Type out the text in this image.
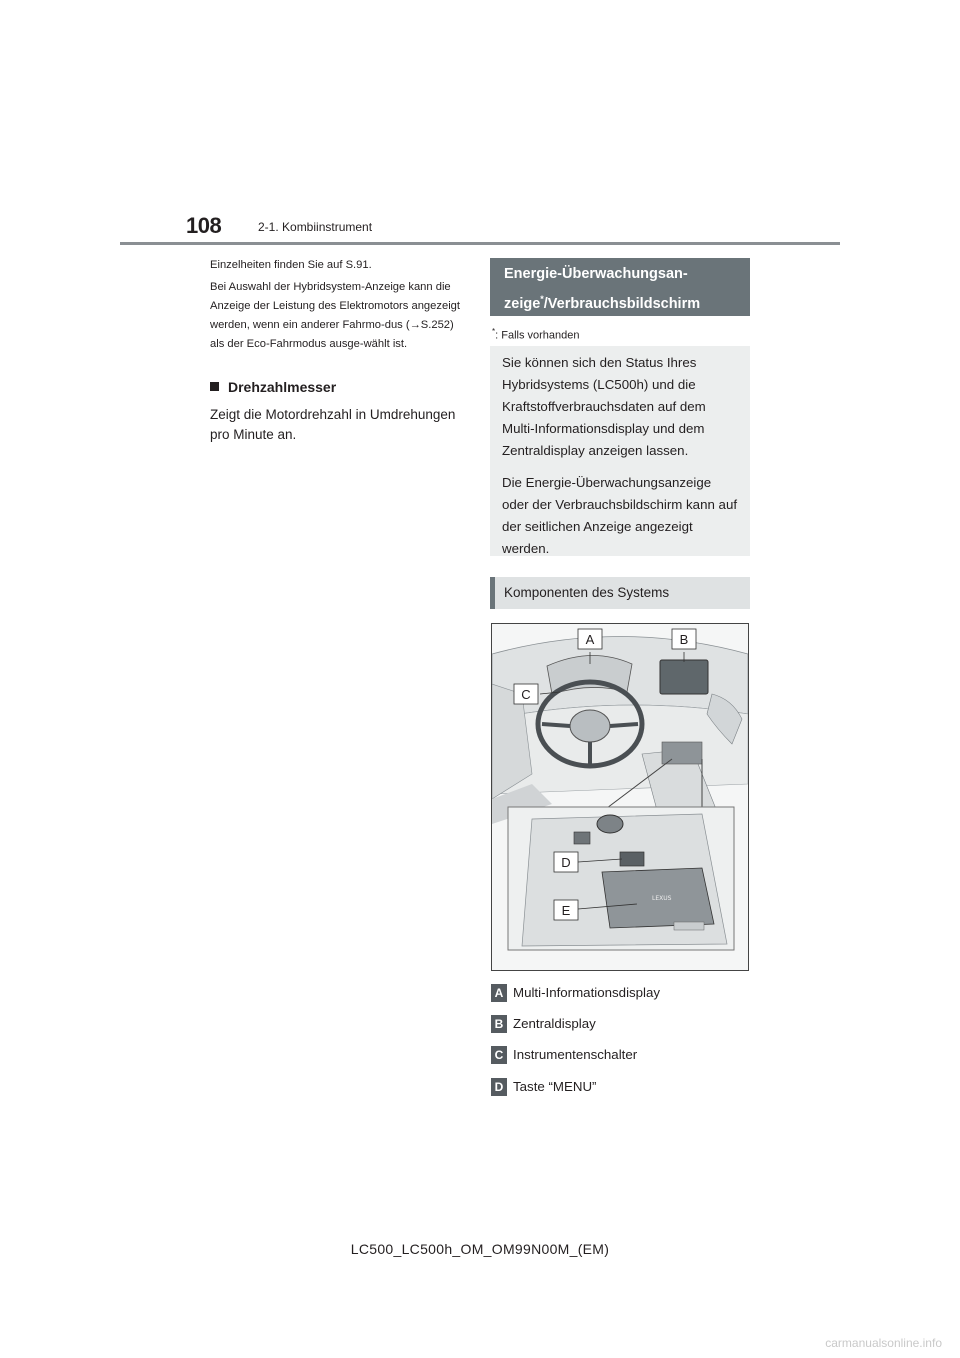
108	2-1. Kombiinstrument
Einzelheiten finden Sie auf S.91.
Bei Auswahl der Hybridsystem-Anzeige kann die Anzeige der Leistung des Elektromotors angezeigt werden, wenn ein anderer Fahrmo-dus (→S.252) als der Eco-Fahrmodus ausge-wählt ist.
Drehzahlmesser
Zeigt die Motordrehzahl in Umdrehungen pro Minute an.
Energie-Überwachungsan-zeige*/Verbrauchsbildschirm
*: Falls vorhanden

Sie können sich den Status Ihres Hybridsystems (LC500h) und die Kraftstoffverbrauchsdaten auf dem Multi-Informationsdisplay und dem Zentraldisplay anzeigen lassen.

Die Energie-Überwachungsanzeige oder der Verbrauchsbildschirm kann auf der seitlichen Anzeige angezeigt werden.

Komponenten des Systems
LEXUS
A	B
C
D
E
A Multi-Informationsdisplay
B Zentraldisplay
C Instrumentenschalter
D Taste “MENU”
LC500_LC500h_OM_OM99N00M_(EM)
carmanualsonline.info
